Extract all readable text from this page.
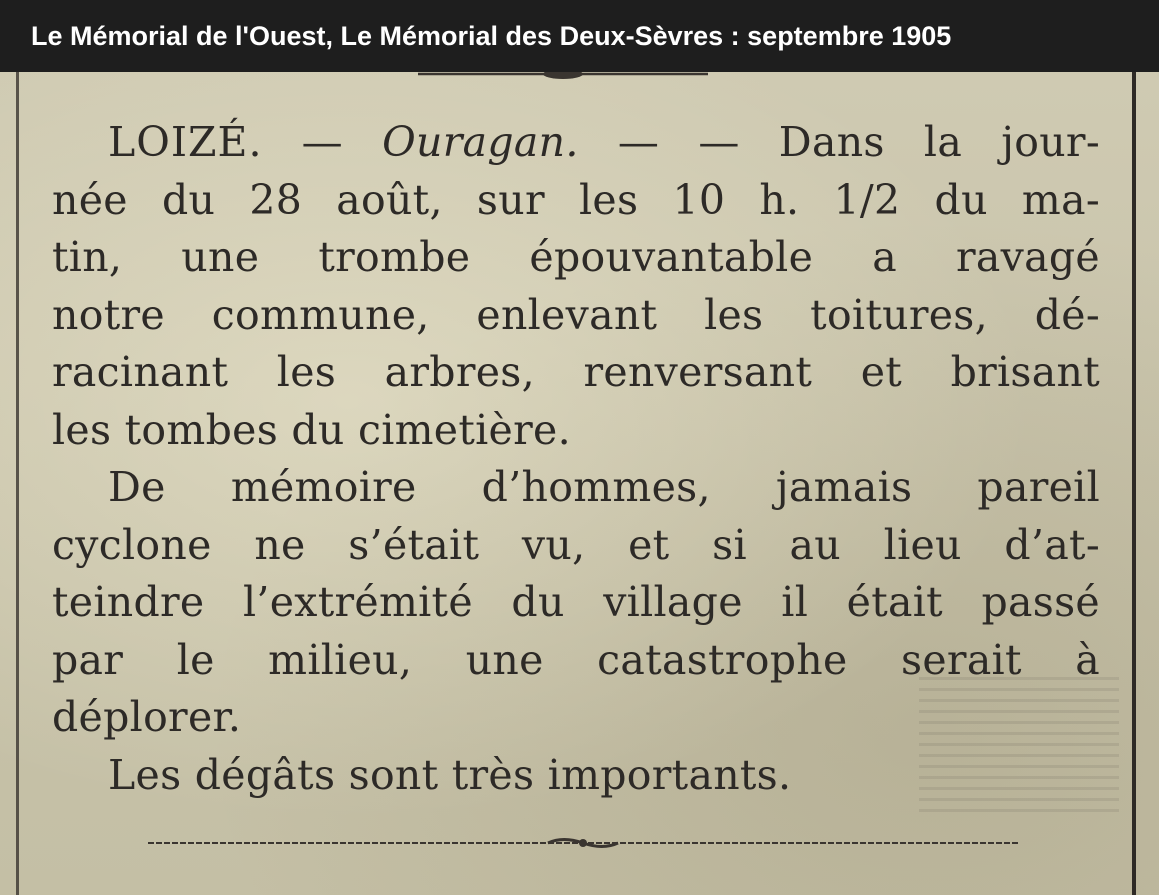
Le Mémorial de l'Ouest, Le Mémorial des Deux-Sèvres : septembre 1905
LOIZÉ. — Ouragan. — — Dans la jour-
née du 28 août, sur les 10 h. 1/2 du ma-
tin, une trombe épouvantable a ravagé
notre commune, enlevant les toitures, dé-
racinant les arbres, renversant et brisant
les tombes du cimetière.
De mémoire d’hommes, jamais pareil
cyclone ne s’était vu, et si au lieu d’at-
teindre l’extrémité du village il était passé
par le milieu, une catastrophe serait à
déplorer.
Les dégâts sont très importants.
